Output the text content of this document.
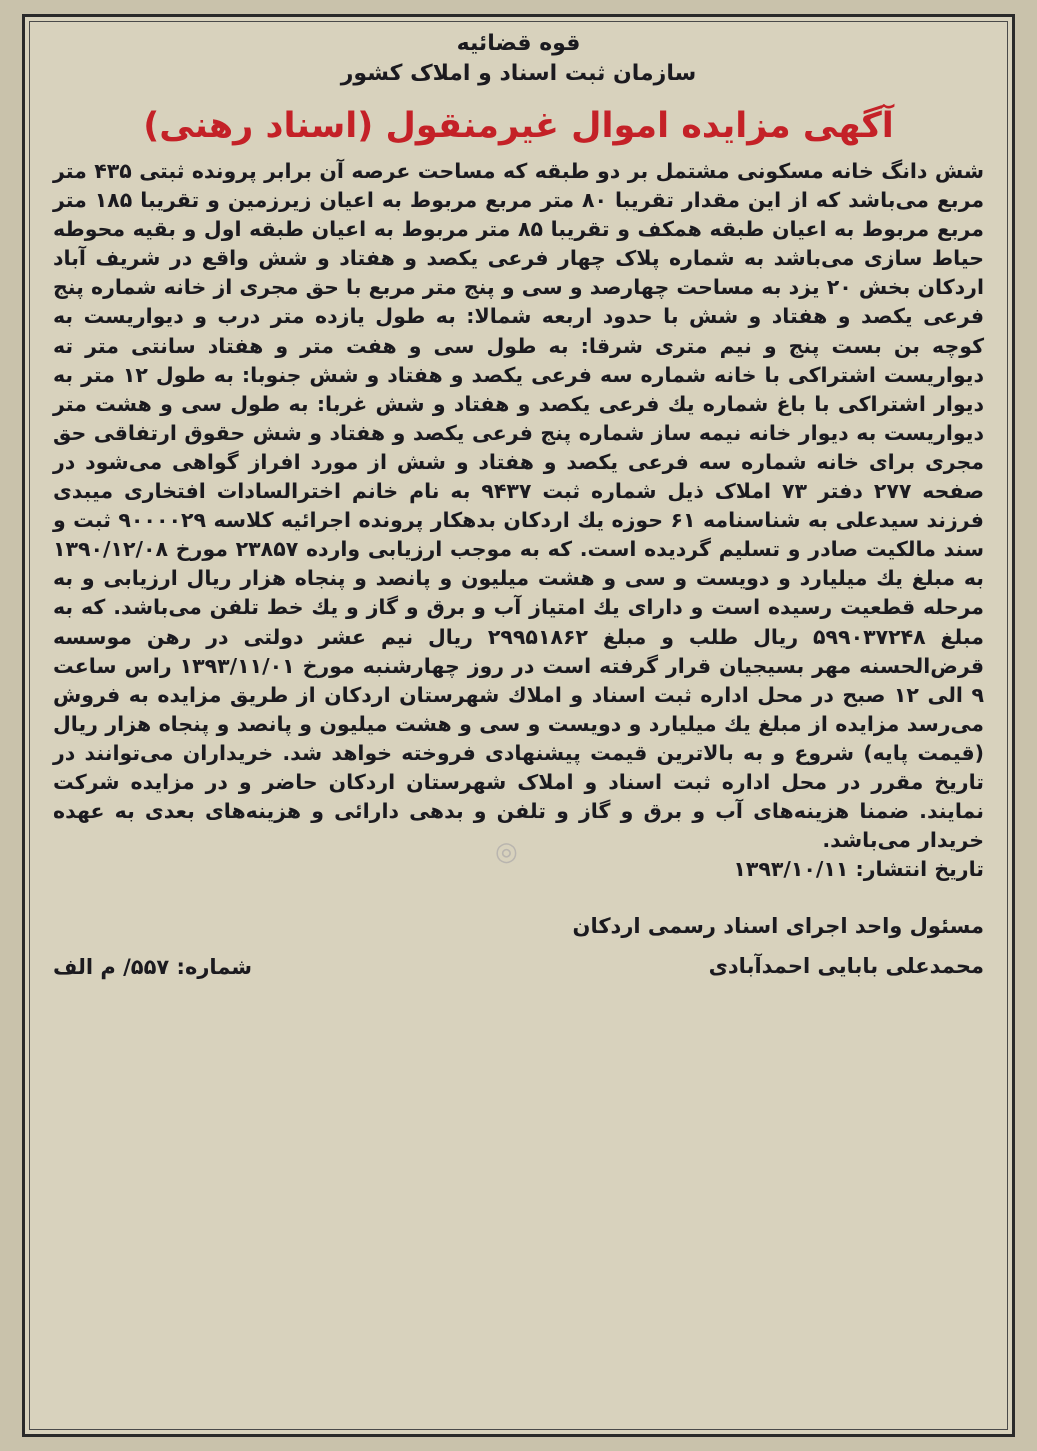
قوه قضائیه

سازمان ثبت اسناد و املاک کشور

آگهی مزایده اموال غیرمنقول (اسناد رهنی)

شش دانگ خانه مسکونی مشتمل بر دو طبقه که مساحت عرصه آن برابر پرونده ثبتی ۴۳۵ متر مربع می‌باشد که از این مقدار تقریبا ۸۰ متر مربع مربوط به اعیان زیرزمین و تقریبا ۱۸۵ متر مربع مربوط به اعیان طبقه همکف و تقریبا ۸۵ متر مربوط به اعیان طبقه اول و بقیه محوطه حیاط سازی می‌باشد به شماره پلاک چهار فرعی یکصد و هفتاد و شش واقع در شریف آباد اردکان بخش ۲۰ یزد به مساحت چهارصد و سی و پنج متر مربع با حق مجری از خانه شماره پنج فرعی یکصد و هفتاد و شش با حدود اربعه شمالا: به طول یازده متر درب و دیواریست به کوچه بن بست پنج و نیم متری شرقا: به طول سی و هفت متر و هفتاد سانتی متر ته دیواریست اشتراکی با خانه شماره سه فرعی یکصد و هفتاد و شش جنوبا: به طول ۱۲ متر به دیوار اشتراکی با باغ شماره یك فرعی یکصد و هفتاد و شش غربا: به طول سی و هشت متر دیواریست به دیوار خانه نیمه ساز شماره پنج فرعی یکصد و هفتاد و شش حقوق ارتفاقی حق مجری برای خانه شماره سه فرعی یکصد و هفتاد و شش از مورد افراز گواهی می‌شود در صفحه ۲۷۷ دفتر ۷۳ املاک ذیل شماره ثبت ۹۴۳۷ به نام خانم اخترالسادات افتخاری میبدی فرزند سیدعلی به شناسنامه ۶۱ حوزه یك اردکان بدهکار پرونده اجرائیه کلاسه ۹۰۰۰۰۲۹ ثبت و سند مالکیت صادر و تسلیم گردیده است. که به موجب ارزیابی وارده ۲۳۸۵۷ مورخ ۱۳۹۰/۱۲/۰۸ به مبلغ یك میلیارد و دویست و سی و هشت میلیون و پانصد و پنجاه هزار ریال ارزیابی و به مرحله قطعیت رسیده است و دارای یك امتیاز آب و برق و گاز و یك خط تلفن می‌باشد. که به مبلغ ۵۹۹۰۳۷۲۴۸ ریال طلب و مبلغ ۲۹۹۵۱۸۶۲ ریال نیم عشر دولتی در رهن موسسه قرض‌الحسنه مهر بسیجیان قرار گرفته است در روز چهارشنبه مورخ ۱۳۹۳/۱۱/۰۱ راس ساعت ۹ الی ۱۲ صبح در محل اداره ثبت اسناد و املاك شهرستان اردکان از طریق مزایده به فروش می‌رسد مزایده از مبلغ یك میلیارد و دویست و سی و هشت میلیون و پانصد و پنجاه هزار ریال (قیمت پایه) شروع و به بالاترین قیمت پیشنهادی فروخته خواهد شد. خریداران می‌توانند در تاریخ مقرر در محل اداره ثبت اسناد و املاک شهرستان اردکان حاضر و در مزایده شرکت نمایند. ضمنا هزینه‌های آب و برق و گاز و تلفن و بدهی دارائی و هزینه‌های بعدی به عهده خریدار می‌باشد.

تاریخ انتشار: ۱۳۹۳/۱۰/۱۱

مسئول واحد اجرای اسناد رسمی اردکان
محمدعلی بابایی احمدآبادی
شماره: ۵۵۷/ م الف
◎
